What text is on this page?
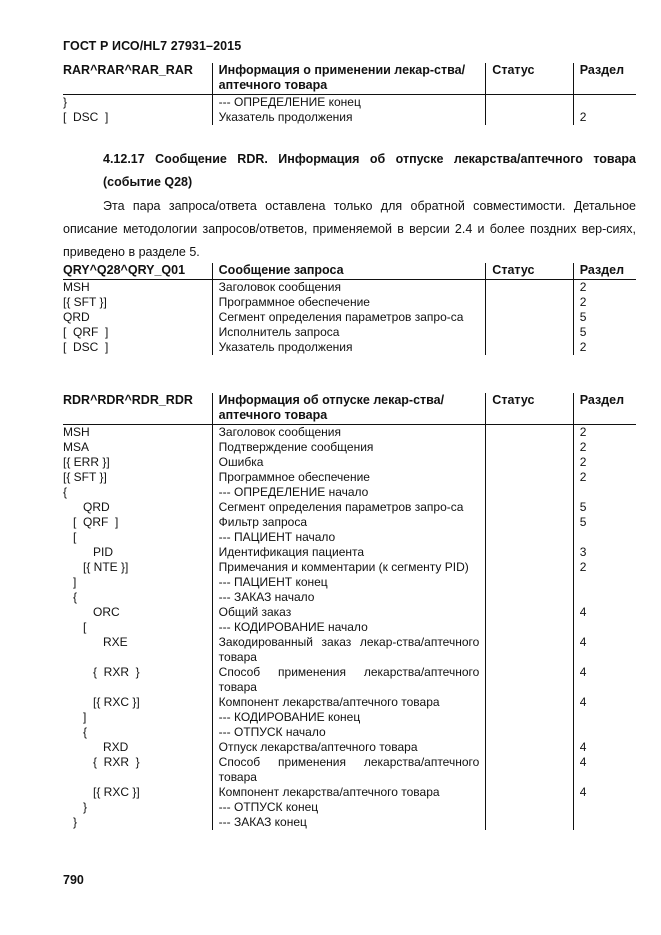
ГОСТ Р ИСО/HL7 27931–2015
RAR^RAR^RAR_RAR	Информация о применении лекар-ства/аптечного товара	Статус	Раздел
}	--- ОПРЕДЕЛЕНИЕ конец		
[  DSC  ]	Указатель продолжения		2
4.12.17 Сообщение RDR. Информация об отпуске лекарства/аптечного товара (событие Q28)
Эта пара запроса/ответа оставлена только для обратной совместимости. Детальное описание методологии запросов/ответов, применяемой в версии 2.4 и более поздних вер-сиях, приведено в разделе 5.
QRY^Q28^QRY_Q01	Сообщение запроса	Статус	Раздел
MSH	Заголовок сообщения		2
[{ SFT }]	Программное обеспечение		2
QRD	Сегмент определения параметров запро-са		5
[  QRF  ]	Исполнитель запроса		5
[  DSC  ]	Указатель продолжения		2
RDR^RDR^RDR_RDR	Информация об отпуске лекар-ства/аптечного товара	Статус	Раздел
MSH	Заголовок сообщения		2
MSA	Подтверждение сообщения		2
[{ ERR }]	Ошибка		2
[{ SFT }]	Программное обеспечение		2
{	--- ОПРЕДЕЛЕНИЕ начало		
QRD	Сегмент определения параметров запро-са		5
[  QRF  ]	Фильтр запроса		5
[	--- ПАЦИЕНТ начало		
PID	Идентификация пациента		3
[{ NTE }]	Примечания и комментарии (к сегменту PID)		2
]	--- ПАЦИЕНТ конец		
{	--- ЗАКАЗ начало		
ORC	Общий заказ		4
[	--- КОДИРОВАНИЕ начало		
RXE	Закодированный заказ лекар-ства/аптечного товара		4
{  RXR  }	Способ применения лекарства/аптечного товара		4
[{ RXC }]	Компонент лекарства/аптечного товара		4
]	--- КОДИРОВАНИЕ конец		
{	--- ОТПУСК начало		
RXD	Отпуск лекарства/аптечного товара		4
{  RXR  }	Способ применения лекарства/аптечного товара		4
[{ RXC }]	Компонент лекарства/аптечного товара		4
}	--- ОТПУСК конец		
}	--- ЗАКАЗ конец		
790
